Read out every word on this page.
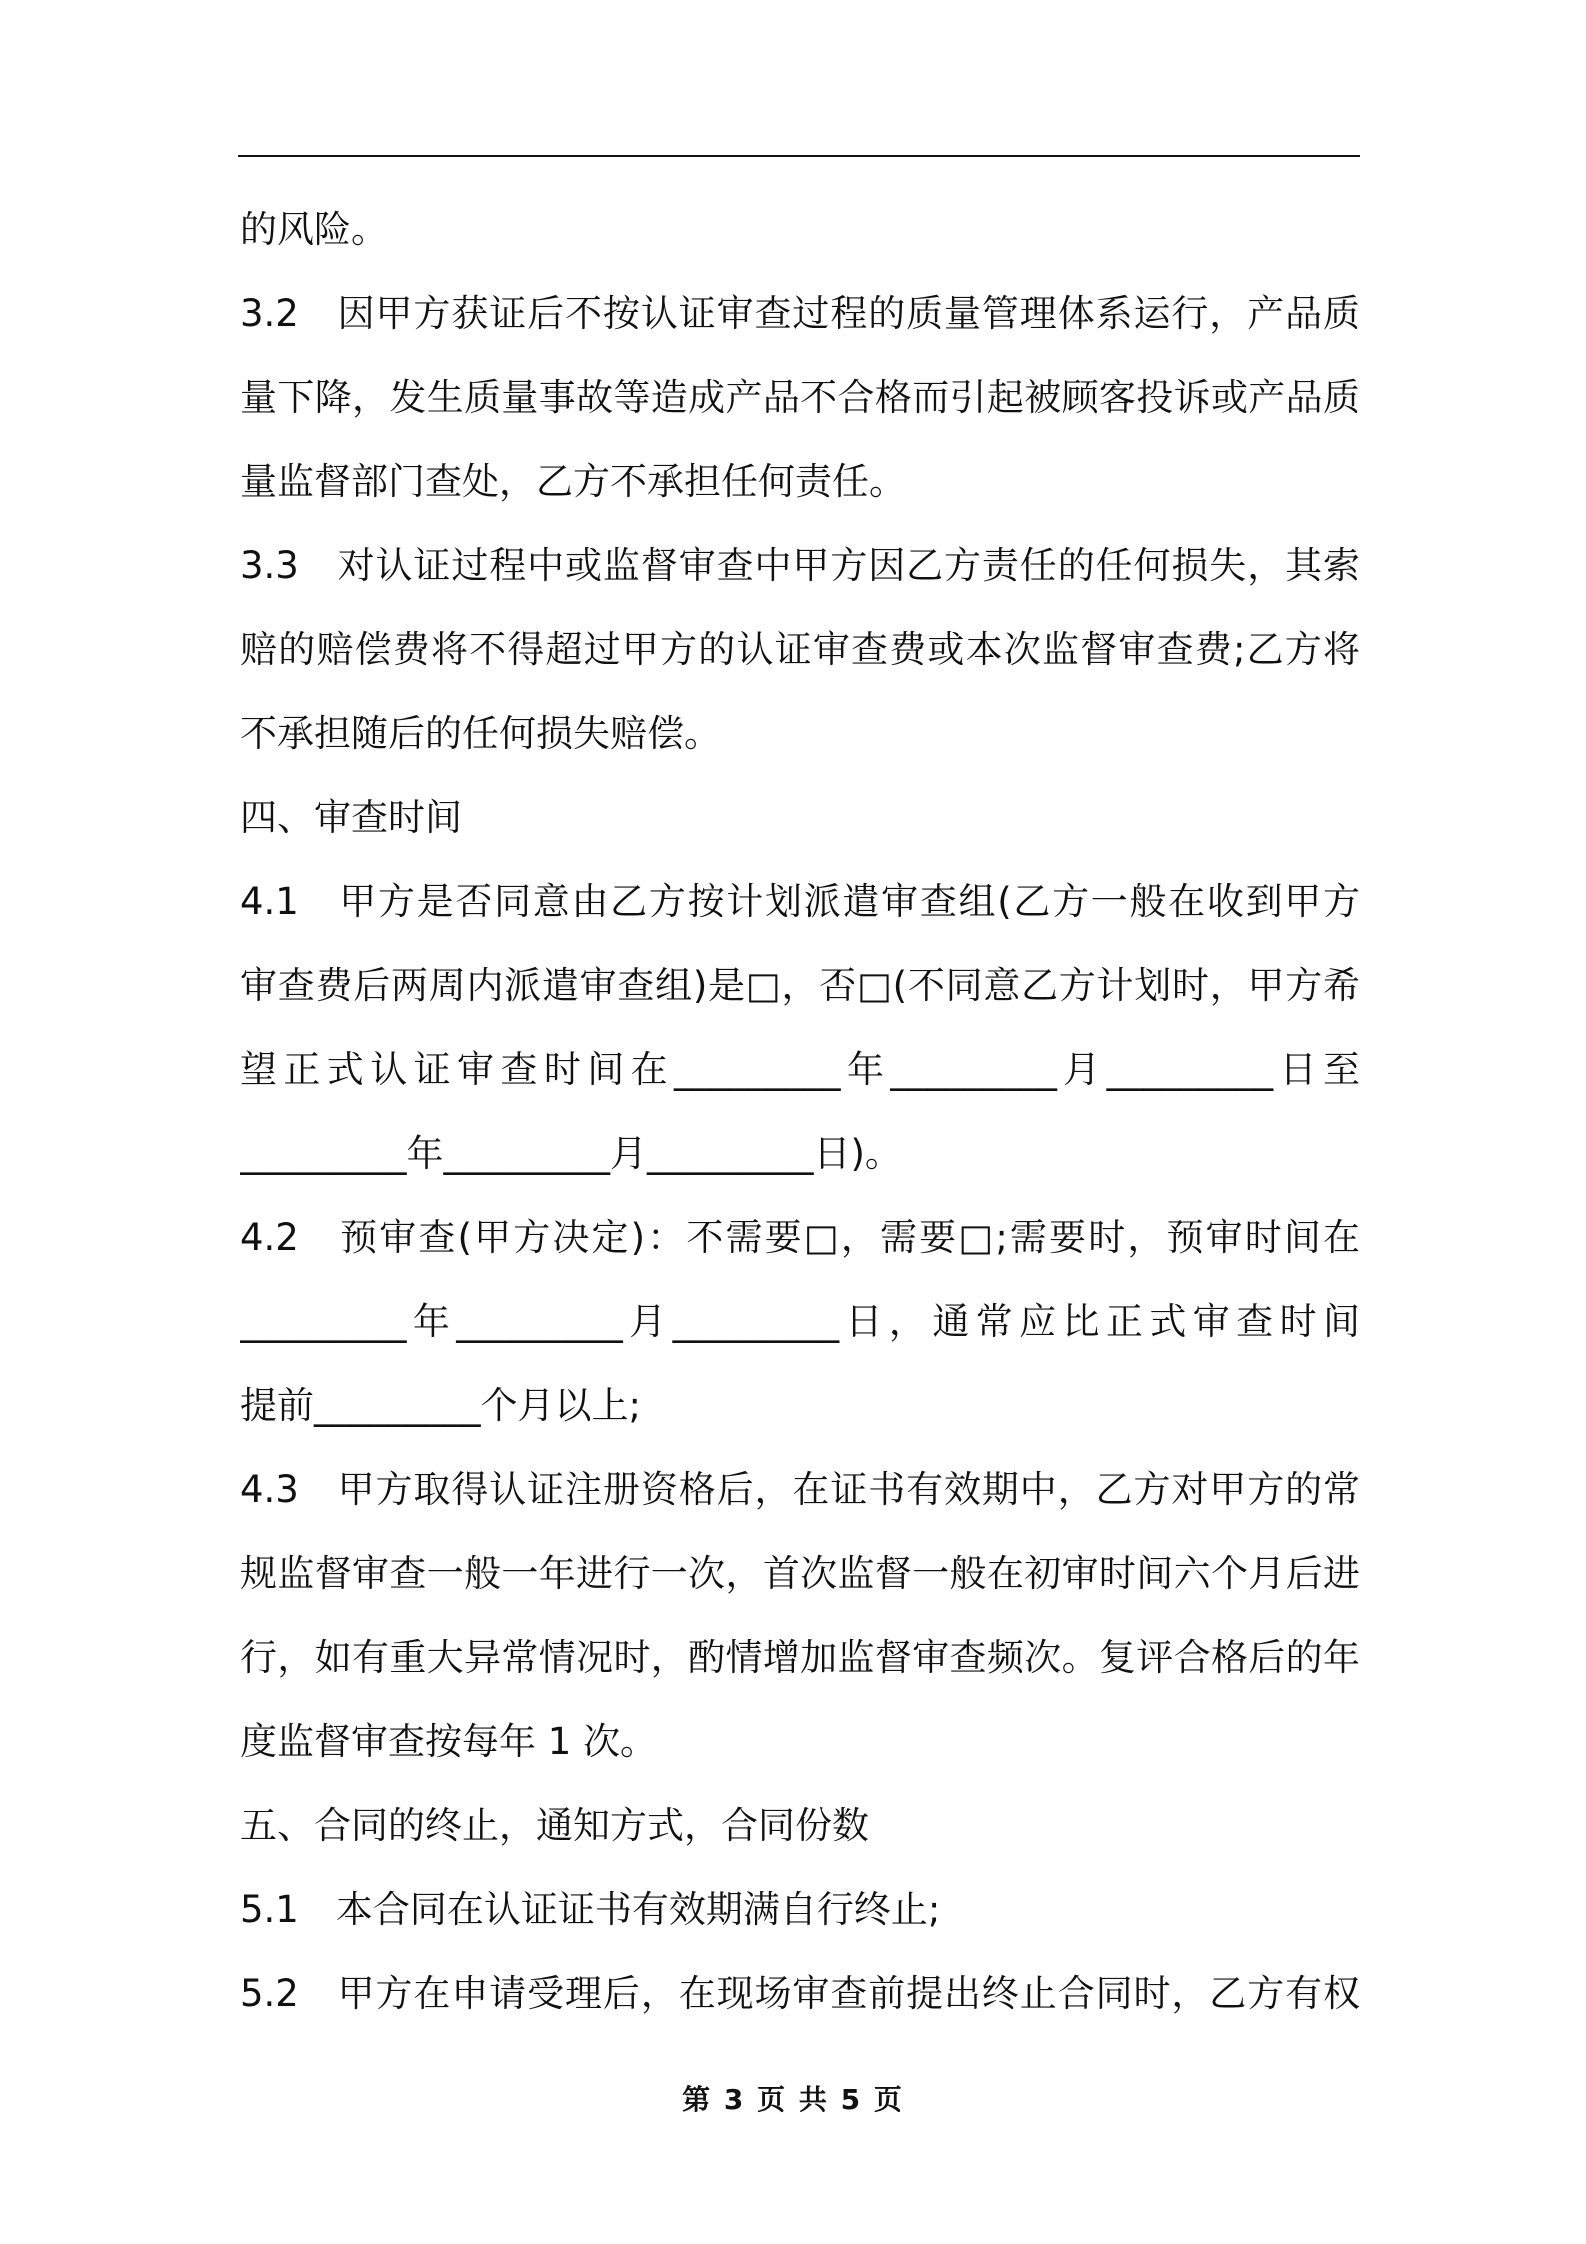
的风险。
3.2　因甲方获证后不按认证审查过程的质量管理体系运行，产品质
量下降，发生质量事故等造成产品不合格而引起被顾客投诉或产品质
量监督部门查处，乙方不承担任何责任。
3.3　对认证过程中或监督审查中甲方因乙方责任的任何损失，其索
赔的赔偿费将不得超过甲方的认证审查费或本次监督审查费;乙方将
不承担随后的任何损失赔偿。
四、审查时间
4.1　甲方是否同意由乙方按计划派遣审查组(乙方一般在收到甲方
审查费后两周内派遣审查组)是□，否□(不同意乙方计划时，甲方希
望正式认证审查时间在_________年_________月_________日至
_________年_________月_________日)。
4.2　预审查(甲方决定)：不需要□，需要□;需要时，预审时间在
_________年_________月_________日，通常应比正式审查时间
提前_________个月以上;
4.3　甲方取得认证注册资格后，在证书有效期中，乙方对甲方的常
规监督审查一般一年进行一次，首次监督一般在初审时间六个月后进
行，如有重大异常情况时，酌情增加监督审查频次。复评合格后的年
度监督审查按每年 1 次。
五、合同的终止，通知方式，合同份数
5.1　本合同在认证证书有效期满自行终止;
5.2　甲方在申请受理后，在现场审查前提出终止合同时，乙方有权
第 3 页 共 5 页
